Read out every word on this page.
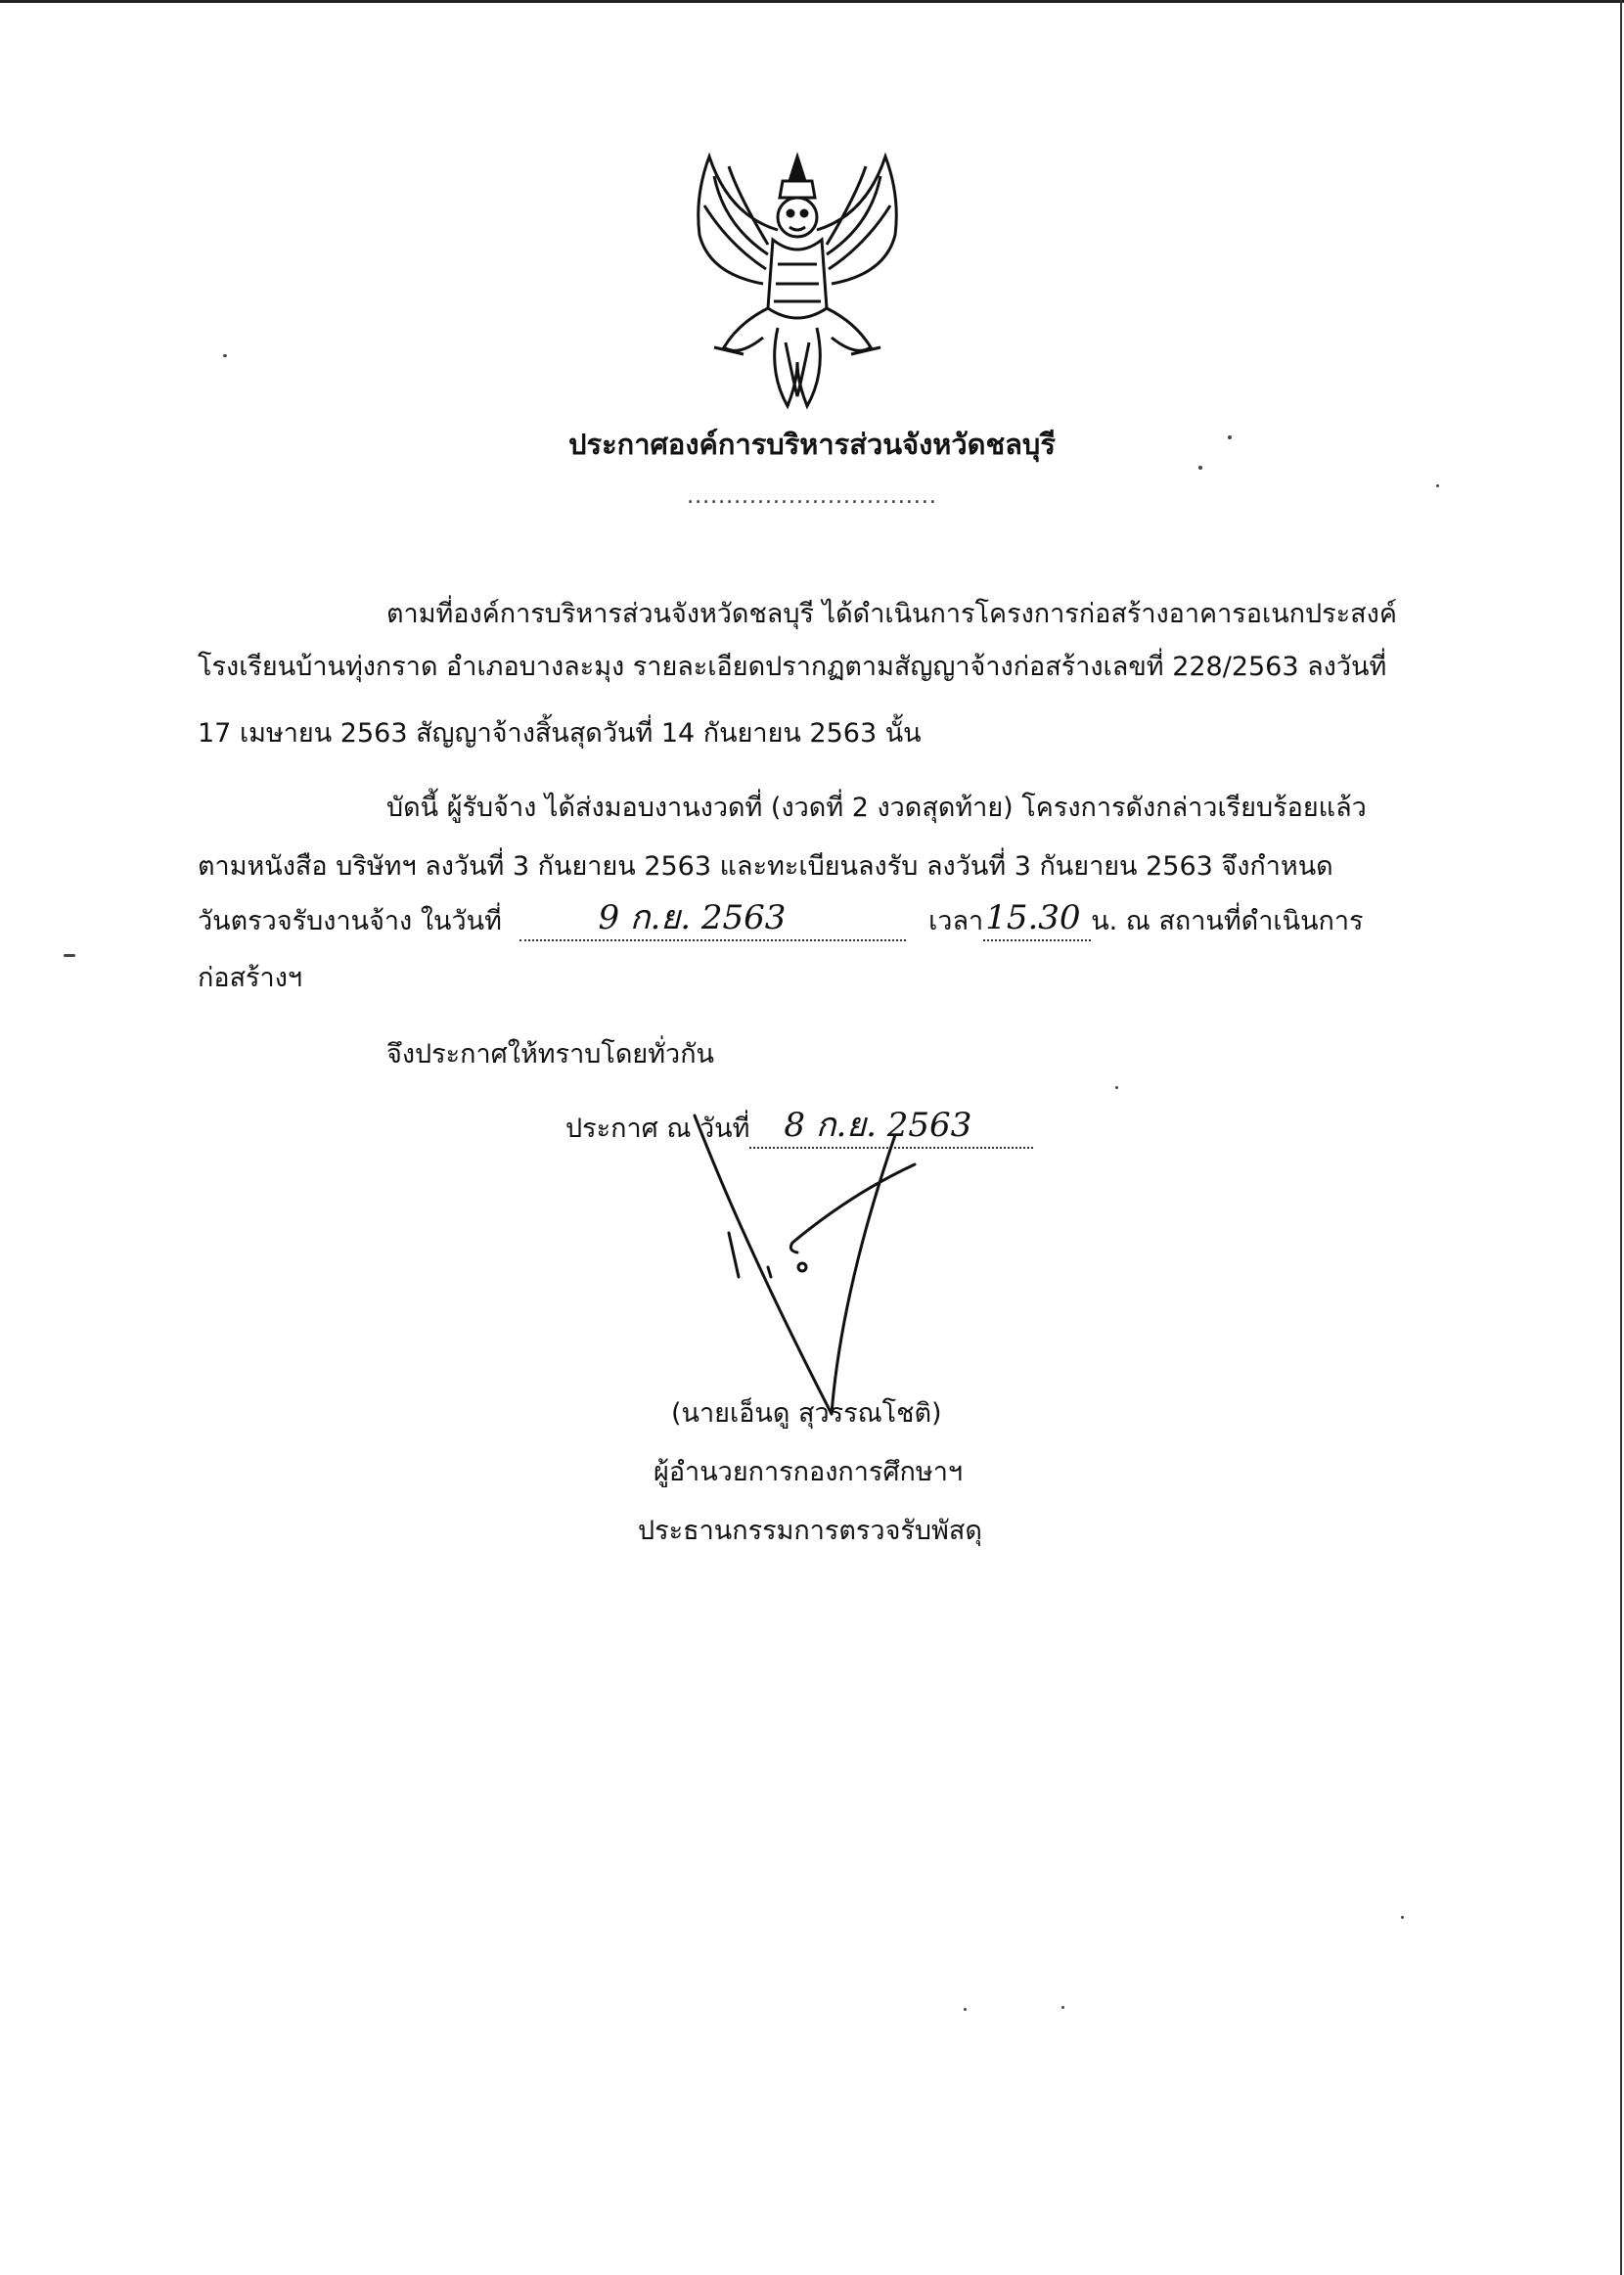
ประกาศองค์การบริหารส่วนจังหวัดชลบุรี
................................
ตามที่องค์การบริหารส่วนจังหวัดชลบุรี ได้ดำเนินการโครงการก่อสร้างอาคารอเนกประสงค์
โรงเรียนบ้านทุ่งกราด อำเภอบางละมุง รายละเอียดปรากฏตามสัญญาจ้างก่อสร้างเลขที่ 228/2563 ลงวันที่
17 เมษายน 2563 สัญญาจ้างสิ้นสุดวันที่ 14 กันยายน 2563 นั้น
บัดนี้ ผู้รับจ้าง ได้ส่งมอบงานงวดที่ (งวดที่ 2 งวดสุดท้าย) โครงการดังกล่าวเรียบร้อยแล้ว
ตามหนังสือ บริษัทฯ ลงวันที่ 3 กันยายน 2563 และทะเบียนลงรับ ลงวันที่ 3 กันยายน 2563 จึงกำหนด
วันตรวจรับงานจ้าง ในวันที่	9 ก.ย. 2563	เวลา 15.30 น. ณ สถานที่ดำเนินการ
ก่อสร้างฯ
จึงประกาศให้ทราบโดยทั่วกัน
ประกาศ ณ วันที่ 8 ก.ย. 2563
(นายเอ็นดู สุวรรณโชติ)
ผู้อำนวยการกองการศึกษาฯ
ประธานกรรมการตรวจรับพัสดุ
